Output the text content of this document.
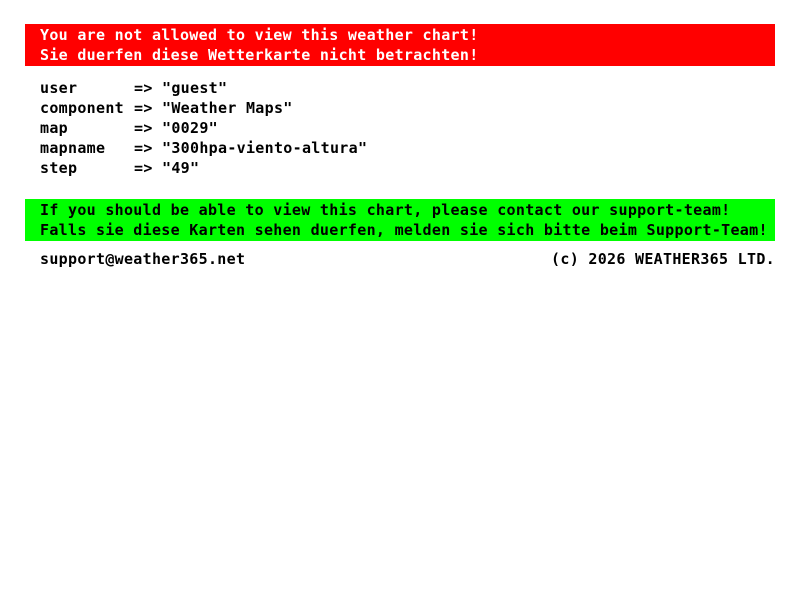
You are not allowed to view this weather chart!
Sie duerfen diese Wetterkarte nicht betrachten!
user	=> "guest"
component => "Weather Maps"
map	=> "0029"
mapname => "300hpa-viento-altura"
step	=> "49"
If you should be able to view this chart, please contact our support-team!
Falls sie diese Karten sehen duerfen, melden sie sich bitte beim Support-Team!
support@weather365.net	(c) 2026 WEATHER365 LTD.
